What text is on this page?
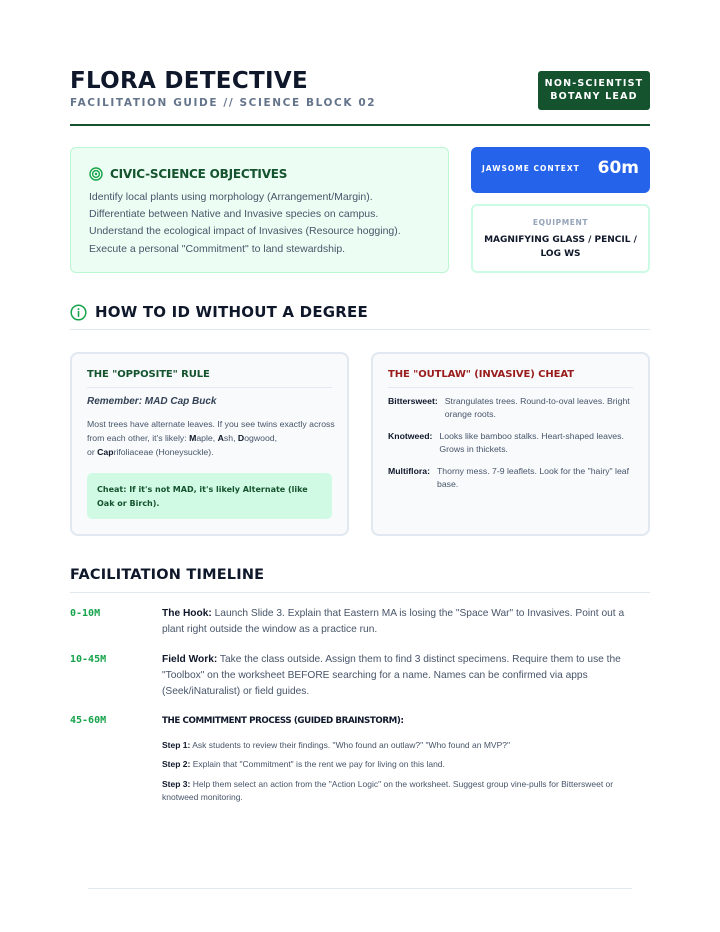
FLORA DETECTIVE
FACILITATION GUIDE // SCIENCE BLOCK 02
NON-SCIENTIST
BOTANY LEAD
CIVIC-SCIENCE OBJECTIVES
Identify local plants using morphology (Arrangement/Margin).
Differentiate between Native and Invasive species on campus.
Understand the ecological impact of Invasives (Resource hogging).
Execute a personal "Commitment" to land stewardship.
JAWSOME CONTEXT 60m
EQUIPMENT
MAGNIFYING GLASS / PENCIL / LOG WS
HOW TO ID WITHOUT A DEGREE
THE "OPPOSITE" RULE
Remember: MAD Cap Buck
Most trees have alternate leaves. If you see twins exactly across from each other, it's likely: Maple, Ash, Dogwood,
or Caprifoliaceae (Honeysuckle).
Cheat: If it's not MAD, it's likely Alternate (like Oak or Birch).
THE "OUTLAW" (INVASIVE) CHEAT
Bittersweet: Strangulates trees. Round-to-oval leaves. Bright orange roots.
Knotweed: Looks like bamboo stalks. Heart-shaped leaves. Grows in thickets.
Multiflora: Thorny mess. 7-9 leaflets. Look for the "hairy" leaf base.
FACILITATION TIMELINE
0-10M	The Hook: Launch Slide 3. Explain that Eastern MA is losing the "Space War" to Invasives. Point out a plant right outside the window as a practice run.
10-45M	Field Work: Take the class outside. Assign them to find 3 distinct specimens. Require them to use the "Toolbox" on the worksheet BEFORE searching for a name. Names can be confirmed via apps (Seek/iNaturalist) or field guides.
45-60M	THE COMMITMENT PROCESS (GUIDED BRAINSTORM):
Step 1: Ask students to review their findings. "Who found an outlaw?" "Who found an MVP?"
Step 2: Explain that "Commitment" is the rent we pay for living on this land.
Step 3: Help them select an action from the "Action Logic" on the worksheet. Suggest group vine-pulls for Bittersweet or knotweed monitoring.
